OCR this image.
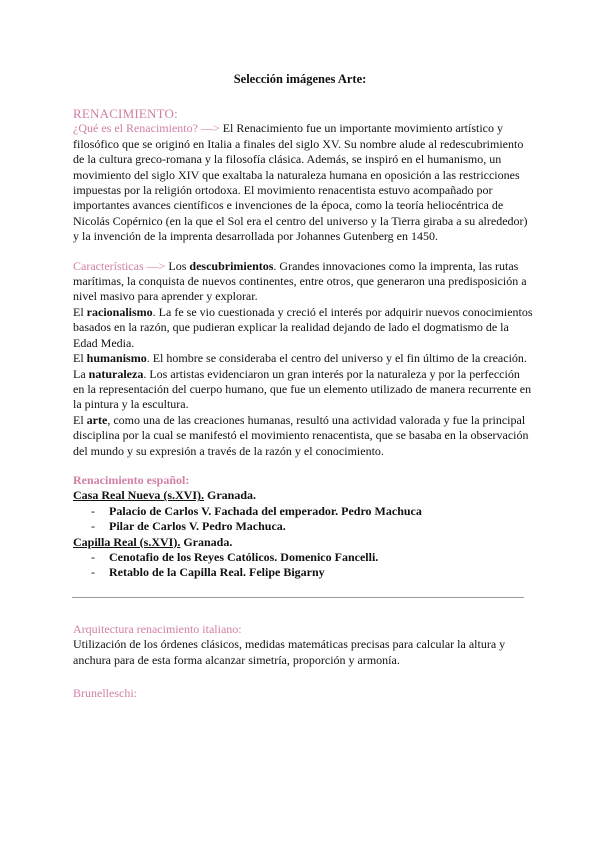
Selección imágenes Arte:
RENACIMIENTO:

¿Qué es el Renacimiento? —> El Renacimiento fue un importante movimiento artístico y filosófico que se originó en Italia a finales del siglo XV. Su nombre alude al redescubrimiento de la cultura greco-romana y la filosofía clásica. Además, se inspiró en el humanismo, un movimiento del siglo XIV que exaltaba la naturaleza humana en oposición a las restricciones impuestas por la religión ortodoxa. El movimiento renacentista estuvo acompañado por importantes avances científicos e invenciones de la época, como la teoría heliocéntrica de Nicolás Copérnico (en la que el Sol era el centro del universo y la Tierra giraba a su alrededor) y la invención de la imprenta desarrollada por Johannes Gutenberg en 1450.

Características —> Los descubrimientos. Grandes innovaciones como la imprenta, las rutas marítimas, la conquista de nuevos continentes, entre otros, que generaron una predisposición a nivel masivo para aprender y explorar.

El racionalismo. La fe se vio cuestionada y creció el interés por adquirir nuevos conocimientos basados en la razón, que pudieran explicar la realidad dejando de lado el dogmatismo de la Edad Media.

El humanismo. El hombre se consideraba el centro del universo y el fin último de la creación.

La naturaleza. Los artistas evidenciaron un gran interés por la naturaleza y por la perfección en la representación del cuerpo humano, que fue un elemento utilizado de manera recurrente en la pintura y la escultura.

El arte, como una de las creaciones humanas, resultó una actividad valorada y fue la principal disciplina por la cual se manifestó el movimiento renacentista, que se basaba en la observación del mundo y su expresión a través de la razón y el conocimiento.

Renacimiento español:
Casa Real Nueva (s.XVI). Granada.
- Palacio de Carlos V. Fachada del emperador. Pedro Machuca
- Pilar de Carlos V. Pedro Machuca.
Capilla Real (s.XVI). Granada.
- Cenotafio de los Reyes Católicos. Domenico Fancelli.
- Retablo de la Capilla Real. Felipe Bigarny
Arquitectura renacimiento italiano:

Utilización de los órdenes clásicos, medidas matemáticas precisas para calcular la altura y anchura para de esta forma alcanzar simetría, proporción y armonía.

Brunelleschi:
